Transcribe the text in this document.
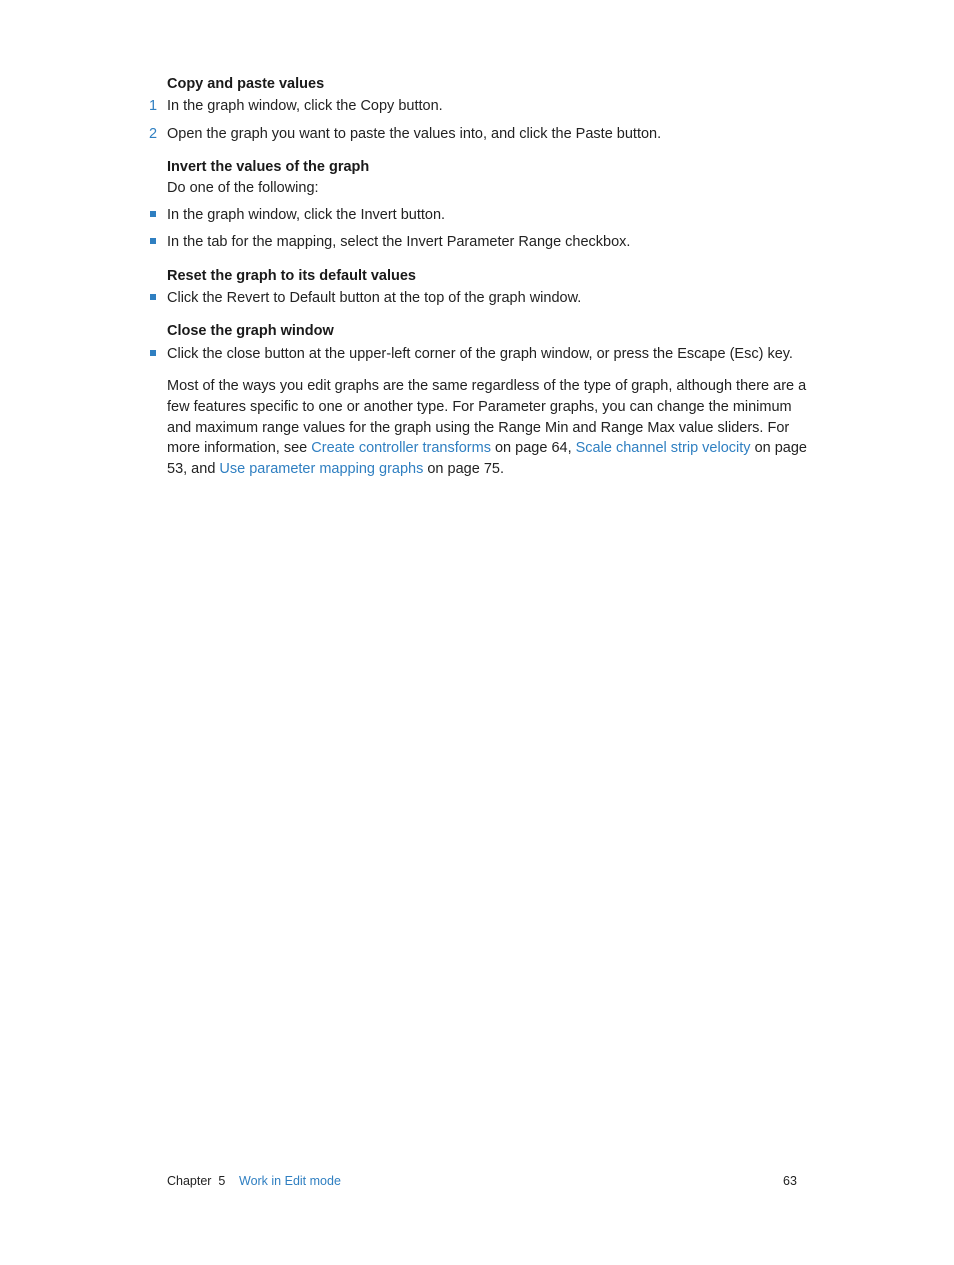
Copy and paste values
1 In the graph window, click the Copy button.
2 Open the graph you want to paste the values into, and click the Paste button.
Invert the values of the graph
Do one of the following:
In the graph window, click the Invert button.
In the tab for the mapping, select the Invert Parameter Range checkbox.
Reset the graph to its default values
Click the Revert to Default button at the top of the graph window.
Close the graph window
Click the close button at the upper-left corner of the graph window, or press the Escape (Esc) key.
Most of the ways you edit graphs are the same regardless of the type of graph, although there are a few features specific to one or another type. For Parameter graphs, you can change the minimum and maximum range values for the graph using the Range Min and Range Max value sliders. For more information, see Create controller transforms on page 64, Scale channel strip velocity on page 53, and Use parameter mapping graphs on page 75.
Chapter  5 Work in Edit mode	63
